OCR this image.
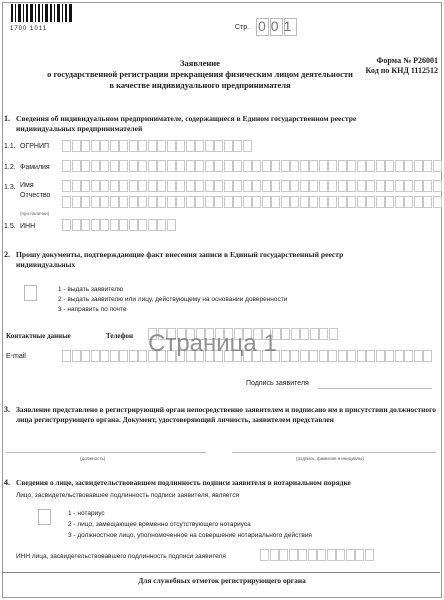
1700 1011	Стр. 001
Форма № Р26001
Код по КНД 1112512
Заявление
о государственной регистрации прекращения физическим лицом деятельности
в качестве индивидуального предпринимателя
1. Сведения об индивидуальном предпринимателе, содержащиеся в Едином государственном реестре индивидуальных предпринимателей
1.1. ОГРНИП
1.2. Фамилия
1.3. Имя
Отчество
(при наличии)
1.5. ИНН
2. Прошу документы, подтверждающие факт внесения записи в Единый государственный реестр индивидуальных
1 - выдать заявителю
2 - выдать заявителю или лицу, действующему на основании доверенности
3 - направить по почте
Контактные данные	Телефон
E-mail	Страница 1
Подпись заявителя
3. Заявление представлено в регистрирующий орган непосредственно заявителем и подписано им в присутствии должностного лица регистрирующего органа. Документ, удостоверяющий личность, заявителем представлен
(должность)	(подпись, фамилия и инициалы)
4. Сведения о лице, засвидетельствовавшем подлинность подписи заявителя в нотариальном порядке
Лицо, засвидетельствовавшее подлинность подписи заявителя, является
1 - нотариус
2 - лицо, замещающее временно отсутствующего нотариуса
3 - должностное лицо, уполномоченное на совершение нотариального действия
ИНН лица, засвидетельствовавшего подлинность подписи заявителя
Для служебных отметок регистрирующего органа
